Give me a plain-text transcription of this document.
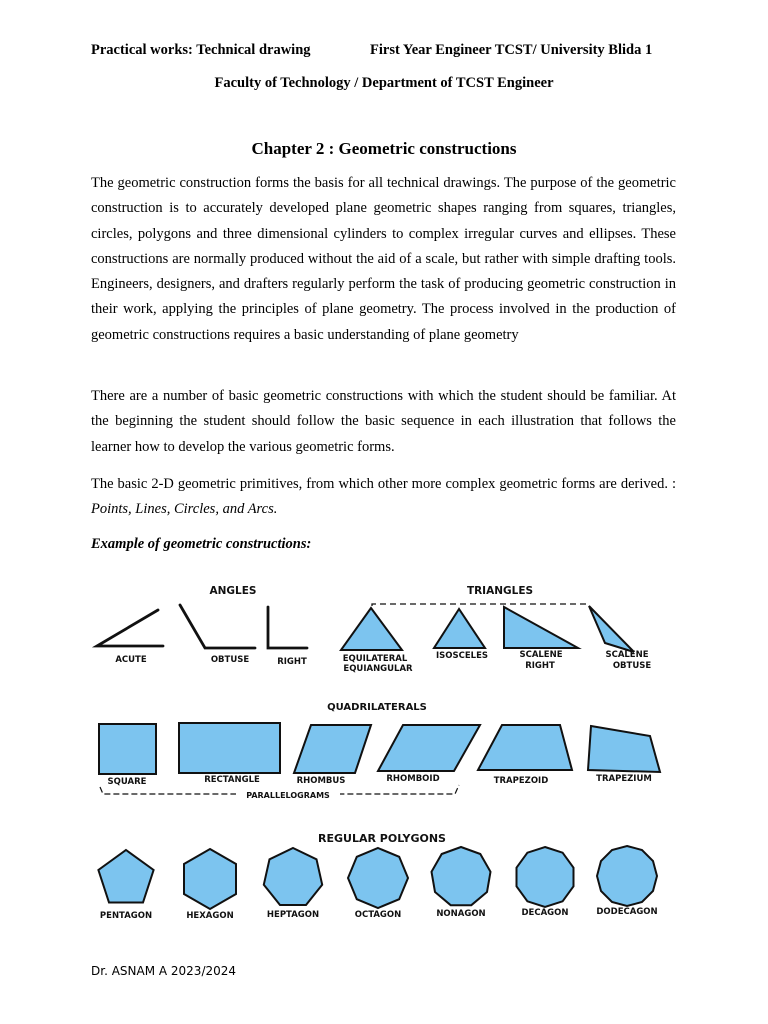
Practical works: Technical drawing	First Year Engineer TCST/ University Blida 1
Faculty of Technology / Department of TCST Engineer
Chapter 2 : Geometric constructions
The geometric construction forms the basis for all technical drawings. The purpose of the geometric construction is to accurately developed plane geometric shapes ranging from squares, triangles, circles, polygons and three dimensional cylinders to complex irregular curves and ellipses. These constructions are normally produced without the aid of a scale, but rather with simple drafting tools. Engineers, designers, and drafters regularly perform the task of producing geometric construction in their work, applying the principles of plane geometry. The process involved in the production of geometric constructions requires a basic understanding of plane geometry
There are a number of basic geometric constructions with which the student should be familiar. At the beginning the student should follow the basic sequence in each illustration that follows the learner how to develop the various geometric forms.
The basic 2-D geometric primitives, from which other more complex geometric forms are derived. : Points, Lines, Circles, and Arcs.
Example of geometric constructions:
ANGLES	TRIANGLES
QUADRILATERALS
REGULAR POLYGONS
ACUTE	OBTUSE	RIGHT	EQUILATERAL
EQUIANGULAR
ISOSCELES	SCALENE
RIGHT
SCALENE
OBTUSE
SQUARE	RECTANGLE	RHOMBUS	RHOMBOID	TRAPEZOID	TRAPEZIUM
PARALLELOGRAMS
PENTAGON	HEXAGON	HEPTAGON	OCTAGON	NONAGON	DECAGON	DODECAGON
Dr. ASNAM A 2023/2024
